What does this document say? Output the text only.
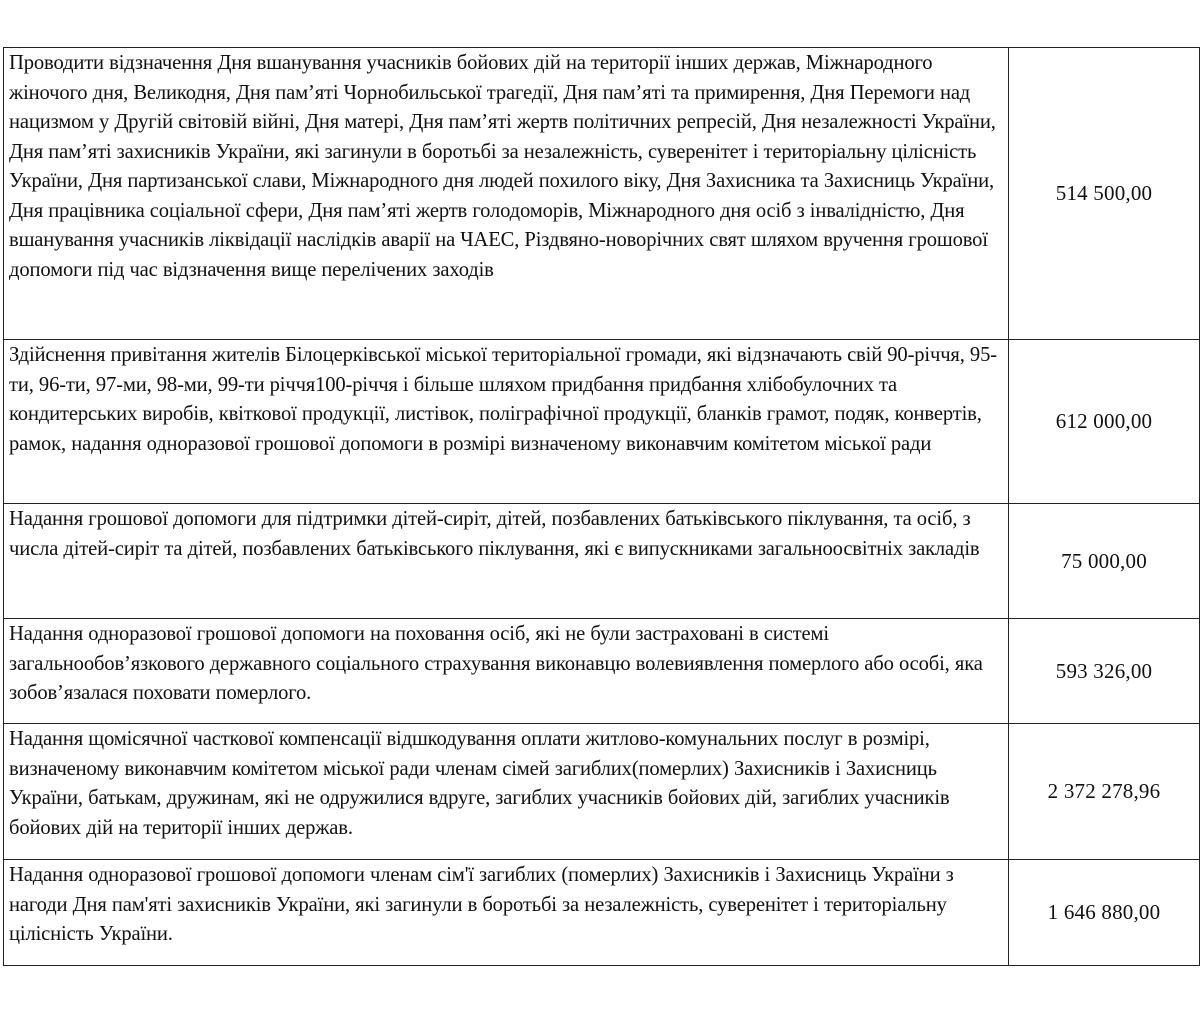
Проводити відзначення Дня вшанування учасників бойових дій на території інших держав, Міжнародного жіночого дня, Великодня, Дня пам’яті Чорнобильської трагедії, Дня пам’яті та примирення, Дня Перемоги над нацизмом у Другій світовій війні, Дня матері, Дня пам’яті жертв політичних репресій, Дня незалежності України, Дня пам’яті захисників України, які загинули в боротьбі за незалежність, суверенітет і територіальну цілісність України, Дня партизанської слави, Міжнародного дня людей похилого віку, Дня Захисника та Захисниць України, Дня працівника соціальної сфери, Дня пам’яті жертв голодоморів, Міжнародного дня осіб з інвалідністю, Дня вшанування учасників ліквідації наслідків аварії на ЧАЕС, Різдвяно-новорічних свят шляхом вручення грошової допомоги під час відзначення вище перелічених заходів	514 500,00

Здійснення привітання жителів Білоцерківської міської територіальної громади, які відзначають свій 90-річчя, 95-ти, 96-ти, 97-ми, 98-ми, 99-ти річчя100-річчя і більше шляхом придбання придбання хлібобулочних та кондитерських виробів, квіткової продукції, листівок, поліграфічної продукції, бланків грамот, подяк, конвертів, рамок, надання одноразової грошової допомоги в розмірі визначеному виконавчим комітетом міської ради	612 000,00

Надання грошової допомоги для підтримки дітей-сиріт, дітей, позбавлених батьківського піклування, та осіб, з числа дітей-сиріт та дітей, позбавлених батьківського піклування, які є випускниками загальноосвітніх закладів	75 000,00

Надання одноразової грошової допомоги на поховання осіб, які не були застраховані в системі загальнообов’язкового державного соціального страхування виконавцю волевиявлення померлого або особі, яка зобов’язалася поховати померлого.	593 326,00

Надання щомісячної часткової компенсації відшкодування оплати житлово-комунальних послуг в розмірі, визначеному виконавчим комітетом міської ради членам сімей загиблих(померлих) Захисників і Захисниць України, батькам, дружинам, які не одружилися вдруге, загиблих учасників бойових дій, загиблих учасників бойових дій на території інших держав.	2 372 278,96

Надання одноразової грошової допомоги членам сім'ї загиблих (померлих) Захисників і Захисниць України з нагоди Дня пам'яті захисників України, які загинули в боротьбі за незалежність, суверенітет і територіальну цілісність України.	1 646 880,00
